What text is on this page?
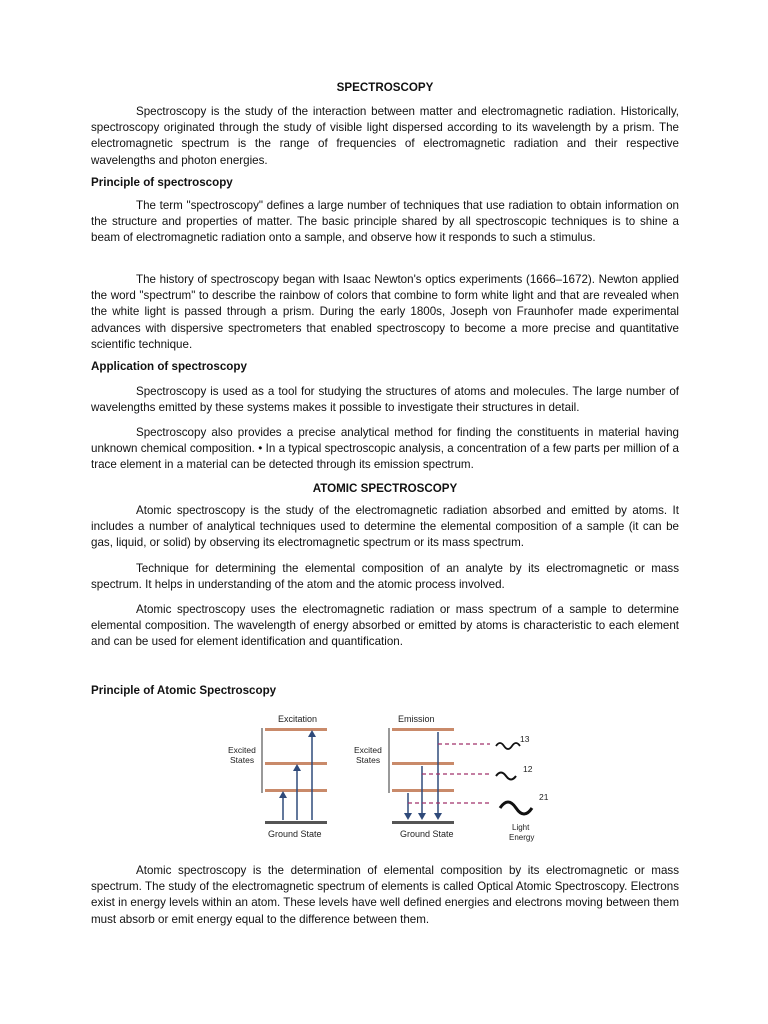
SPECTROSCOPY

Spectroscopy is the study of the interaction between matter and electromagnetic radiation. Historically, spectroscopy originated through the study of visible light dispersed according to its wavelength by a prism. The electromagnetic spectrum is the range of frequencies of electromagnetic radiation and their respective wavelengths and photon energies.

Principle of spectroscopy

The term "spectroscopy" defines a large number of techniques that use radiation to obtain information on the structure and properties of matter. The basic principle shared by all spectroscopic techniques is to shine a beam of electromagnetic radiation onto a sample, and observe how it responds to such a stimulus.

The history of spectroscopy began with Isaac Newton's optics experiments (1666–1672). Newton applied the word "spectrum" to describe the rainbow of colors that combine to form white light and that are revealed when the white light is passed through a prism. During the early 1800s, Joseph von Fraunhofer made experimental advances with dispersive spectrometers that enabled spectroscopy to become a more precise and quantitative scientific technique.

Application of spectroscopy

Spectroscopy is used as a tool for studying the structures of atoms and molecules. The large number of wavelengths emitted by these systems makes it possible to investigate their structures in detail.

Spectroscopy also provides a precise analytical method for finding the constituents in material having unknown chemical composition. • In a typical spectroscopic analysis, a concentration of a few parts per million of a trace element in a material can be detected through its emission spectrum.

ATOMIC SPECTROSCOPY

Atomic spectroscopy is the study of the electromagnetic radiation absorbed and emitted by atoms. It includes a number of analytical techniques used to determine the elemental composition of a sample (it can be gas, liquid, or solid) by observing its electromagnetic spectrum or its mass spectrum.

Technique for determining the elemental composition of an analyte by its electromagnetic or mass spectrum. It helps in understanding of the atom and the atomic process involved.

Atomic spectroscopy uses the electromagnetic radiation or mass spectrum of a sample to determine elemental composition. The wavelength of energy absorbed or emitted by atoms is characteristic to each element and can be used for element identification and quantification.

Principle of Atomic Spectroscopy

Excitation
Excited
States
Ground State
Emission
Excited
States
13
12
21
Light
Energy
Ground State

Atomic spectroscopy is the determination of elemental composition by its electromagnetic or mass spectrum. The study of the electromagnetic spectrum of elements is called Optical Atomic Spectroscopy. Electrons exist in energy levels within an atom. These levels have well defined energies and electrons moving between them must absorb or emit energy equal to the difference between them.
